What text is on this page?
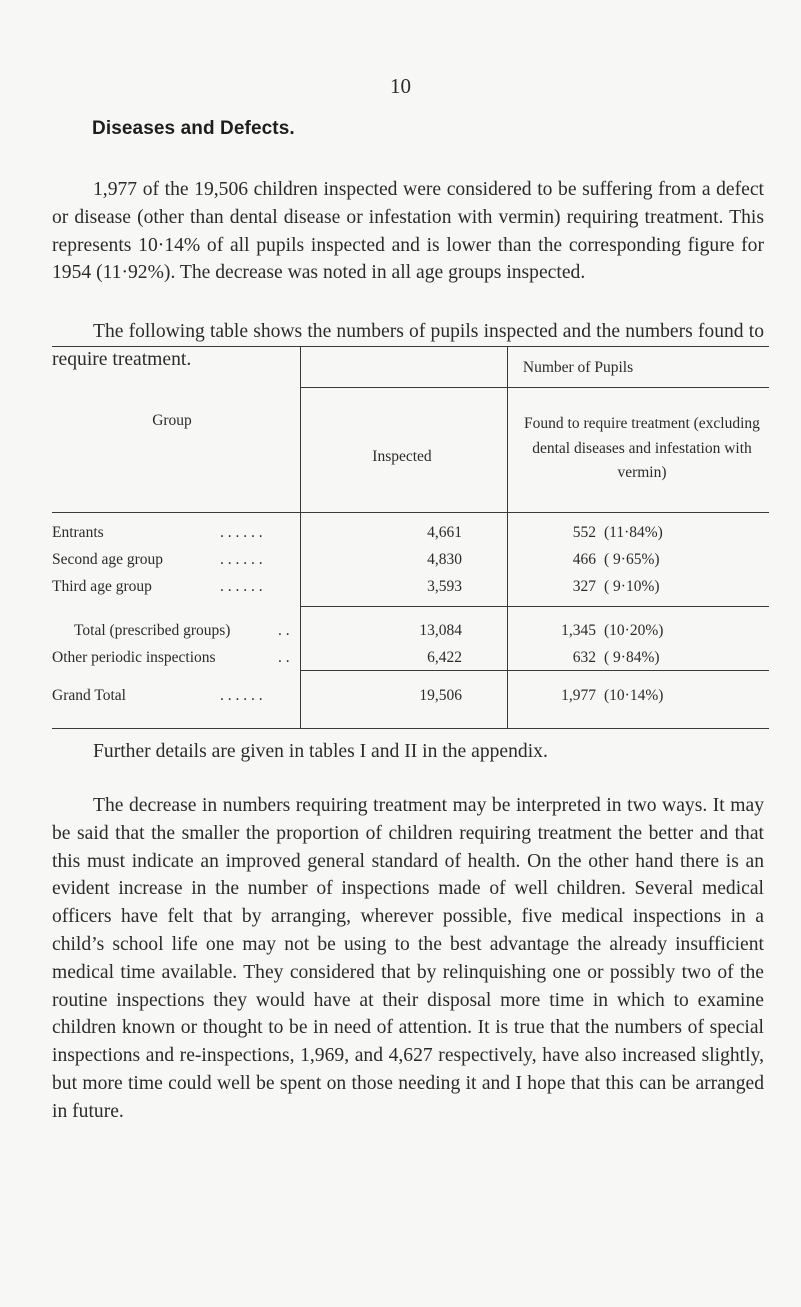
10
Diseases and Defects.

1,977 of the 19,506 children inspected were considered to be suffering from a defect or disease (other than dental disease or infestation with vermin) requiring treatment. This represents 10·14% of all pupils inspected and is lower than the corresponding figure for 1954 (11·92%). The decrease was noted in all age groups inspected.

The following table shows the numbers of pupils inspected and the numbers found to require treatment.	Number of Pupils
Group
Inspected
Found to require treatment (excluding dental diseases and infestation with vermin)
Entrants	. . . . . .	4,661	552 (11·84%)
Second age group	. . . . . .	4,830	466 ( 9·65%)
Third age group	. . . . . .	3,593	327 ( 9·10%)
Total (prescribed groups)	. .	13,084	1,345 (10·20%)
Other periodic inspections	. .	6,422	632 ( 9·84%)
Grand Total	. . . . . .	19,506	1,977 (10·14%)

Further details are given in tables I and II in the appendix.

The decrease in numbers requiring treatment may be interpreted in two ways. It may be said that the smaller the proportion of children requiring treatment the better and that this must indicate an improved general standard of health. On the other hand there is an evident increase in the number of inspections made of well children. Several medical officers have felt that by arranging, wherever possible, five medical inspections in a child’s school life one may not be using to the best advantage the already insufficient medical time available. They considered that by relinquishing one or possibly two of the routine inspections they would have at their disposal more time in which to examine children known or thought to be in need of attention. It is true that the numbers of special inspections and re-inspections, 1,969, and 4,627 respectively, have also increased slightly, but more time could well be spent on those needing it and I hope that this can be arranged in future.
